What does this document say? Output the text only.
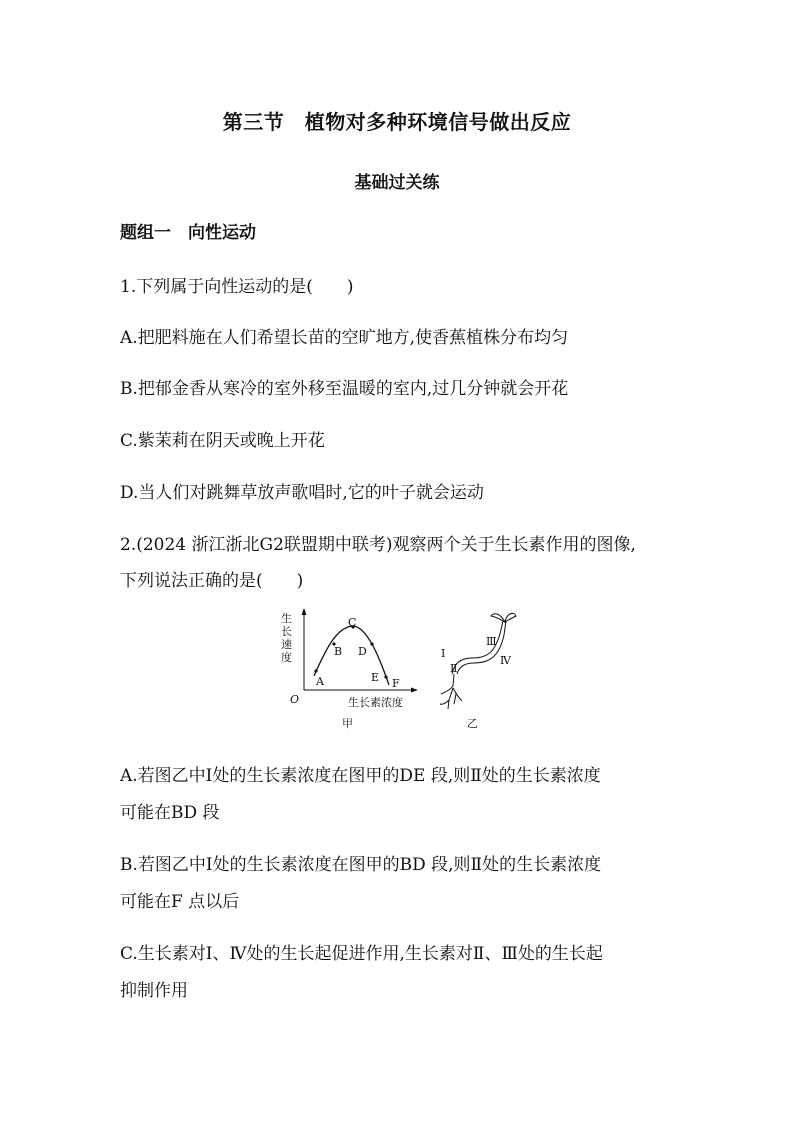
第三节　植物对多种环境信号做出反应
基础过关练
题组一　向性运动
1.下列属于向性运动的是(　　)
A.把肥料施在人们希望长苗的空旷地方,使香蕉植株分布均匀
B.把郁金香从寒冷的室外移至温暖的室内,过几分钟就会开花
C.紫茉莉在阴天或晚上开花
D.当人们对跳舞草放声歌唱时,它的叶子就会运动
2.(2024 浙江浙北G2联盟期中联考)观察两个关于生长素作用的图像,
下列说法正确的是(　　)
生
长
速
度
O	生长素浓度
A
B
C
D
E F
甲
Ⅰ
Ⅱ
Ⅲ
Ⅳ
乙
A.若图乙中Ⅰ处的生长素浓度在图甲的DE 段,则Ⅱ处的生长素浓度
可能在BD 段
B.若图乙中Ⅰ处的生长素浓度在图甲的BD 段,则Ⅱ处的生长素浓度
可能在F 点以后
C.生长素对Ⅰ、Ⅳ处的生长起促进作用,生长素对Ⅱ、Ⅲ处的生长起
抑制作用
